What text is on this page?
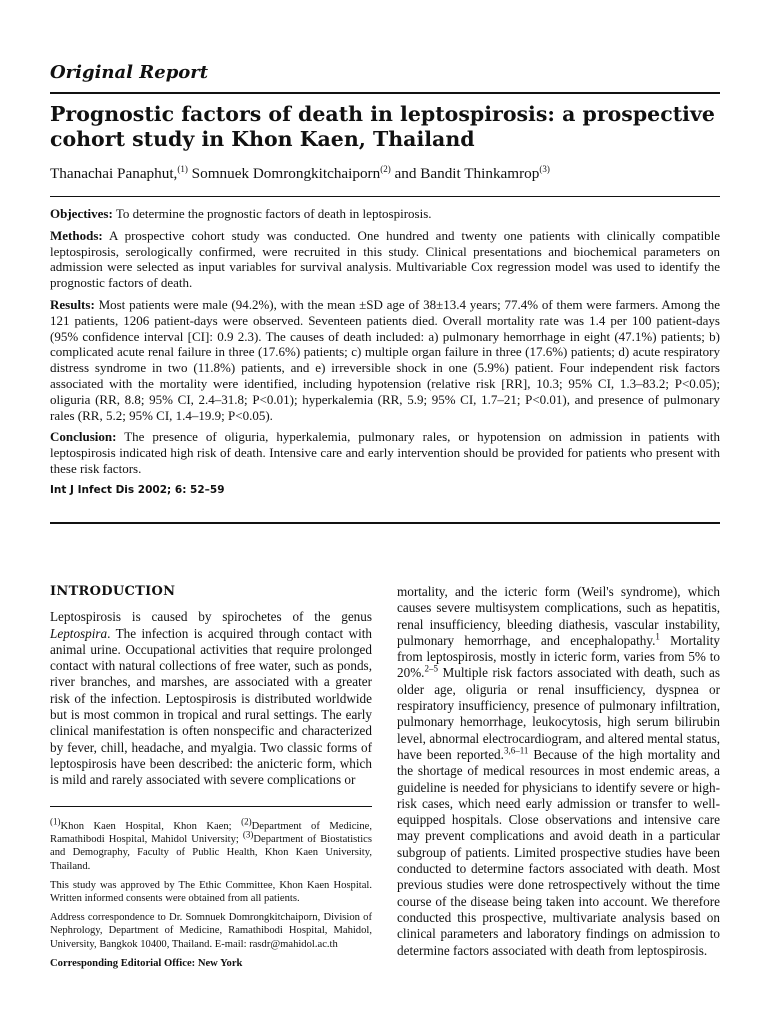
Original Report
Prognostic factors of death in leptospirosis: a prospective cohort study in Khon Kaen, Thailand
Thanachai Panaphut,$^{(1)}$ Somnuek Domrongkitchaiporn$^{(2)}$ and Bandit Thinkamrop$^{(3)}$

Objectives: To determine the prognostic factors of death in leptospirosis.

Methods: A prospective cohort study was conducted. One hundred and twenty one patients with clinically compatible leptospirosis, serologically confirmed, were recruited in this study. Clinical presentations and biochemical parameters on admission were selected as input variables for survival analysis. Multivariable Cox regression model was used to identify the prognostic factors of death.

Results: Most patients were male (94.2%), with the mean ±SD age of 38±13.4 years; 77.4% of them were farmers. Among the 121 patients, 1206 patient-days were observed. Seventeen patients died. Overall mortality rate was 1.4 per 100 patient-days (95% confidence interval [CI]: 0.9 2.3). The causes of death included: a) pulmonary hemorrhage in eight (47.1%) patients; b) complicated acute renal failure in three (17.6%) patients; c) multiple organ failure in three (17.6%) patients; d) acute respiratory distress syndrome in two (11.8%) patients, and e) irreversible shock in one (5.9%) patient. Four independent risk factors associated with the mortality were identified, including hypotension (relative risk [RR], 10.3; 95% CI, 1.3–83.2; P<0.05); oliguria (RR, 8.8; 95% CI, 2.4–31.8; P<0.01); hyperkalemia (RR, 5.9; 95% CI, 1.7–21; P<0.01), and presence of pulmonary rales (RR, 5.2; 95% CI, 1.4–19.9; P<0.05).

Conclusion: The presence of oliguria, hyperkalemia, pulmonary rales, or hypotension on admission in patients with leptospirosis indicated high risk of death. Intensive care and early intervention should be provided for patients who present with these risk factors.

Int J Infect Dis 2002; 6: 52–59
INTRODUCTION

Leptospirosis is caused by spirochetes of the genus Leptospira. The infection is acquired through contact with animal urine. Occupational activities that require prolonged contact with natural collections of free water, such as ponds, river branches, and marshes, are associated with a greater risk of the infection. Leptospirosis is distributed worldwide but is most common in tropical and rural settings. The early clinical manifestation is often nonspecific and characterized by fever, chill, headache, and myalgia. Two classic forms of leptospirosis have been described: the anicteric form, which is mild and rarely associated with severe complications or

$^{(1)}$Khon Kaen Hospital, Khon Kaen; $^{(2)}$Department of Medicine, Ramathibodi Hospital, Mahidol University; $^{(3)}$Department of Biostatistics and Demography, Faculty of Public Health, Khon Kaen University, Thailand.

This study was approved by The Ethic Committee, Khon Kaen Hospital. Written informed consents were obtained from all patients.

Address correspondence to Dr. Somnuek Domrongkitchaiporn, Division of Nephrology, Department of Medicine, Ramathibodi Hospital, Mahidol, University, Bangkok 10400, Thailand. E-mail: rasdr@mahidol.ac.th

Corresponding Editorial Office: New York

mortality, and the icteric form (Weil's syndrome), which causes severe multisystem complications, such as hepatitis, renal insufficiency, bleeding diathesis, vascular instability, pulmonary hemorrhage, and encephalopathy.$^1$ Mortality from leptospirosis, mostly in icteric form, varies from 5% to 20%.$^{2-5}$ Multiple risk factors associated with death, such as older age, oliguria or renal insufficiency, dyspnea or respiratory insufficiency, presence of pulmonary infiltration, pulmonary hemorrhage, leukocytosis, high serum bilirubin level, abnormal electrocardiogram, and altered mental status, have been reported.$^{3,6-11}$ Because of the high mortality and the shortage of medical resources in most endemic areas, a guideline is needed for physicians to identify severe or high-risk cases, which need early admission or transfer to well-equipped hospitals. Close observations and intensive care may prevent complications and avoid death in a particular subgroup of patients. Limited prospective studies have been conducted to determine factors associated with death. Most previous studies were done retrospectively without the time course of the disease being taken into account. We therefore conducted this prospective, multivariate analysis based on clinical parameters and laboratory findings on admission to determine factors associated with death from leptospirosis.
